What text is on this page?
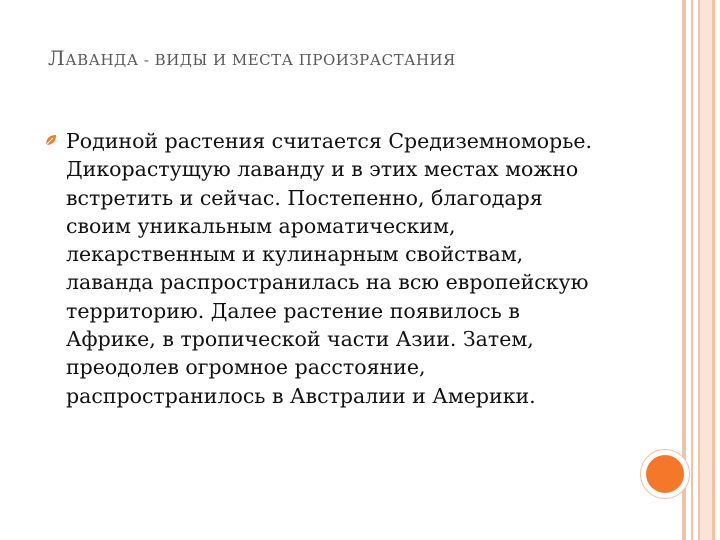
ЛАВАНДА - ВИДЫ И МЕСТА ПРОИЗРАСТАНИЯ
Родиной растения считается Средиземноморье.
Дикорастущую лаванду и в этих местах можно
встретить и сейчас. Постепенно, благодаря
своим уникальным ароматическим,
лекарственным и кулинарным свойствам,
лаванда распространилась на всю европейскую
территорию. Далее растение появилось в
Африке, в тропической части Азии. Затем,
преодолев огромное расстояние,
распространилось в Австралии и Америки.
